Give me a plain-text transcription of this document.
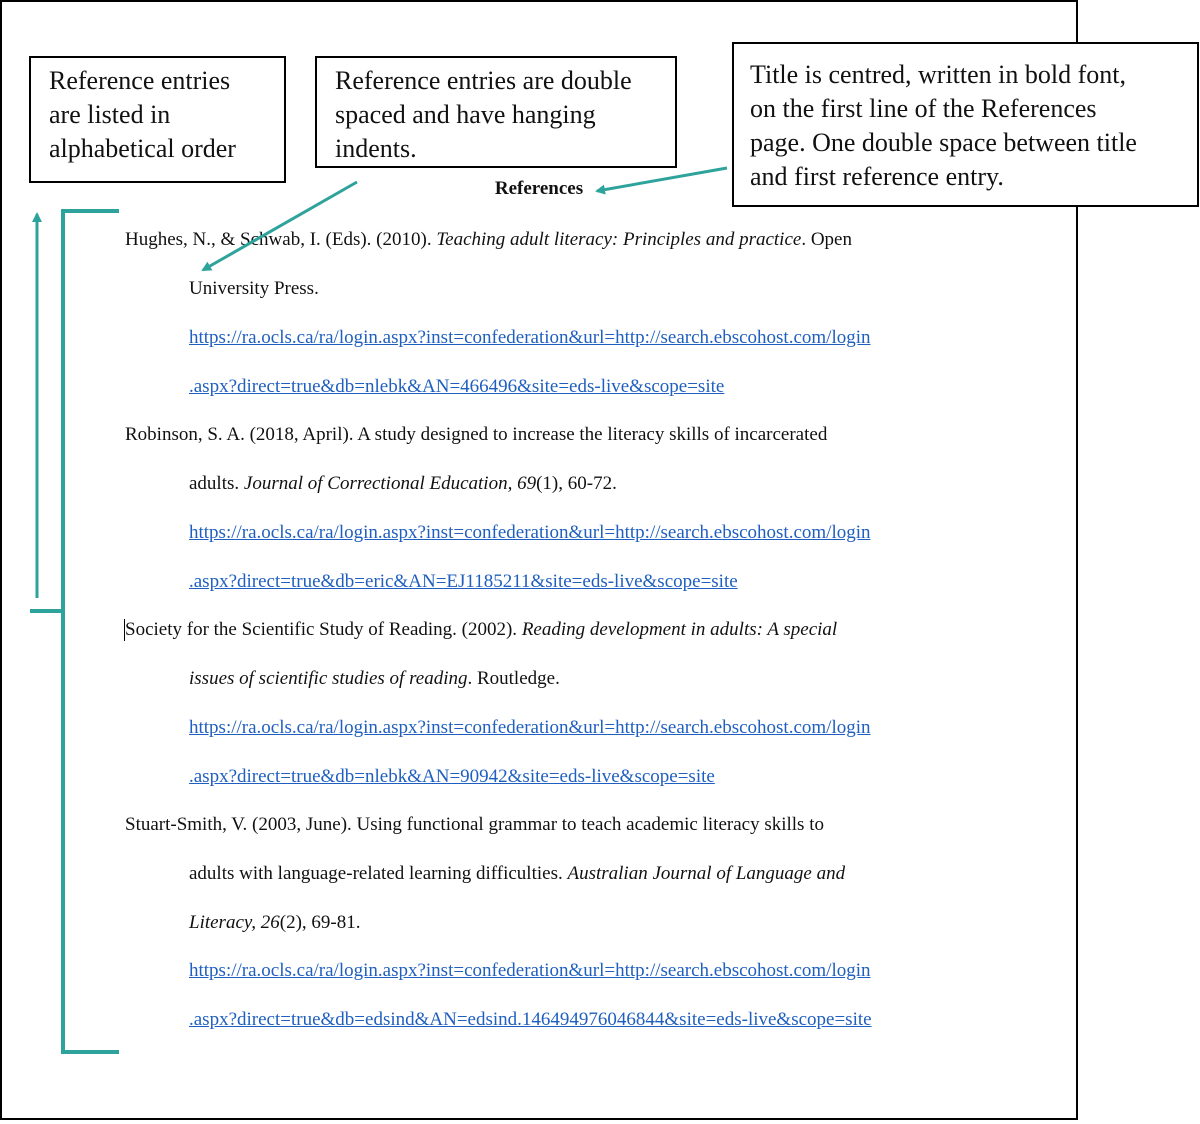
References
Hughes, N., & Schwab, I. (Eds). (2010). Teaching adult literacy: Principles and practice. Open
University Press.
https://ra.ocls.ca/ra/login.aspx?inst=confederation&url=http://search.ebscohost.com/login
.aspx?direct=true&db=nlebk&AN=466496&site=eds-live&scope=site
Robinson, S. A. (2018, April). A study designed to increase the literacy skills of incarcerated
adults. Journal of Correctional Education, 69(1), 60-72.
https://ra.ocls.ca/ra/login.aspx?inst=confederation&url=http://search.ebscohost.com/login
.aspx?direct=true&db=eric&AN=EJ1185211&site=eds-live&scope=site
Society for the Scientific Study of Reading. (2002). Reading development in adults: A special
issues of scientific studies of reading. Routledge.
https://ra.ocls.ca/ra/login.aspx?inst=confederation&url=http://search.ebscohost.com/login
.aspx?direct=true&db=nlebk&AN=90942&site=eds-live&scope=site
Stuart-Smith, V. (2003, June). Using functional grammar to teach academic literacy skills to
adults with language-related learning difficulties. Australian Journal of Language and
Literacy, 26(2), 69-81.
https://ra.ocls.ca/ra/login.aspx?inst=confederation&url=http://search.ebscohost.com/login
.aspx?direct=true&db=edsind&AN=edsind.146494976046844&site=eds-live&scope=site
Reference entries
are listed in
alphabetical order
Reference entries are double
spaced and have hanging
indents.
Title is centred, written in bold font,
on the first line of the References
page. One double space between title
and first reference entry.
